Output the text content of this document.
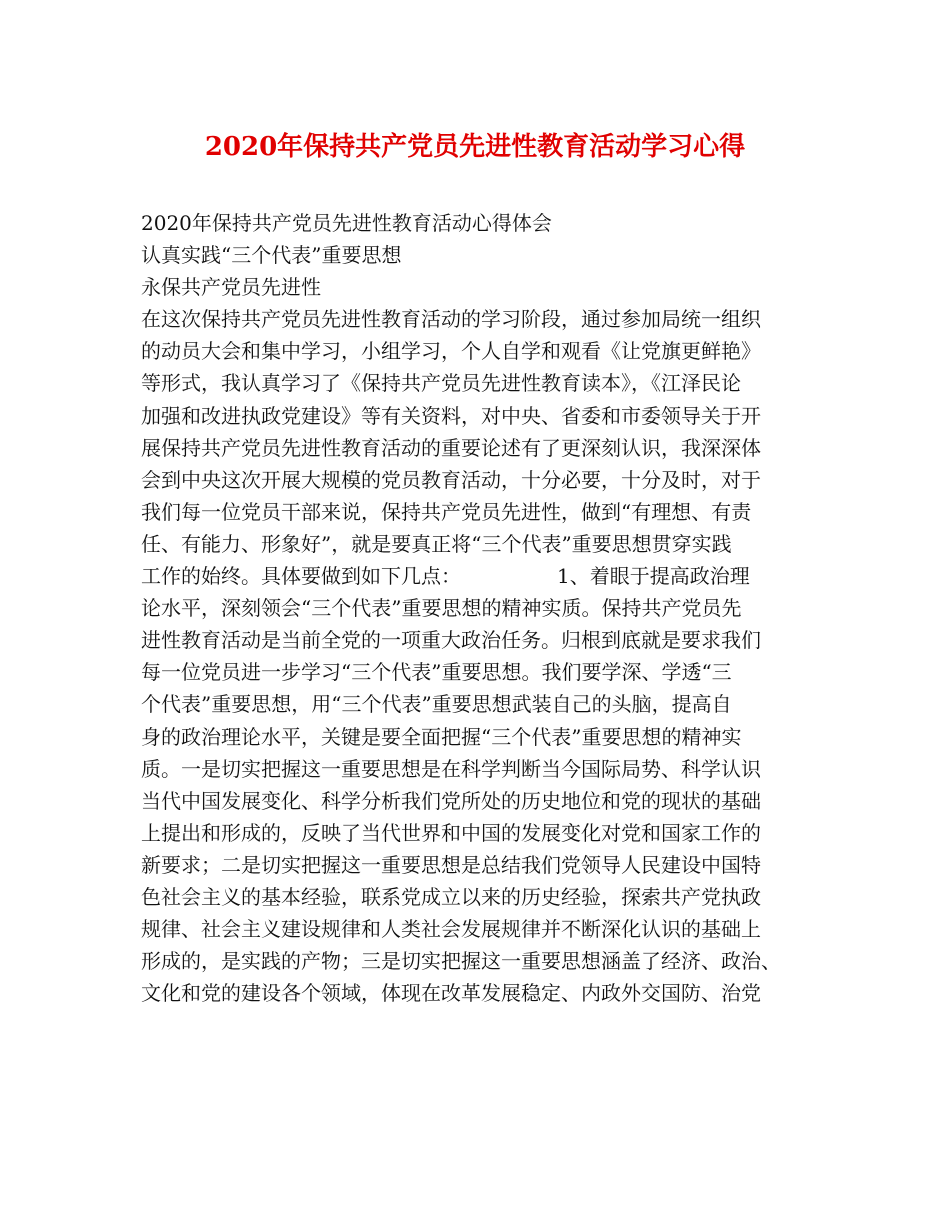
2020年保持共产党员先进性教育活动学习心得
2020年保持共产党员先进性教育活动心得体会
认真实践“三个代表”重要思想
永保共产党员先进性
在这次保持共产党员先进性教育活动的学习阶段，通过参加局统一组织
的动员大会和集中学习，小组学习，个人自学和观看《让党旗更鲜艳》
等形式，我认真学习了《保持共产党员先进性教育读本》，《江泽民论
加强和改进执政党建设》等有关资料，对中央、省委和市委领导关于开
展保持共产党员先进性教育活动的重要论述有了更深刻认识，我深深体
会到中央这次开展大规模的党员教育活动，十分必要，十分及时，对于
我们每一位党员干部来说，保持共产党员先进性，做到“有理想、有责
任、有能力、形象好”，就是要真正将“三个代表”重要思想贯穿实践
工作的始终。具体要做到如下几点：	1、着眼于提高政治理
论水平，深刻领会“三个代表”重要思想的精神实质。保持共产党员先
进性教育活动是当前全党的一项重大政治任务。归根到底就是要求我们
每一位党员进一步学习“三个代表”重要思想。我们要学深、学透“三
个代表”重要思想，用“三个代表”重要思想武装自己的头脑，提高自
身的政治理论水平，关键是要全面把握“三个代表”重要思想的精神实
质。一是切实把握这一重要思想是在科学判断当今国际局势、科学认识
当代中国发展变化、科学分析我们党所处的历史地位和党的现状的基础
上提出和形成的，反映了当代世界和中国的发展变化对党和国家工作的
新要求；二是切实把握这一重要思想是总结我们党领导人民建设中国特
色社会主义的基本经验，联系党成立以来的历史经验，探索共产党执政
规律、社会主义建设规律和人类社会发展规律并不断深化认识的基础上
形成的，是实践的产物；三是切实把握这一重要思想涵盖了经济、政治、
文化和党的建设各个领域，体现在改革发展稳定、内政外交国防、治党
